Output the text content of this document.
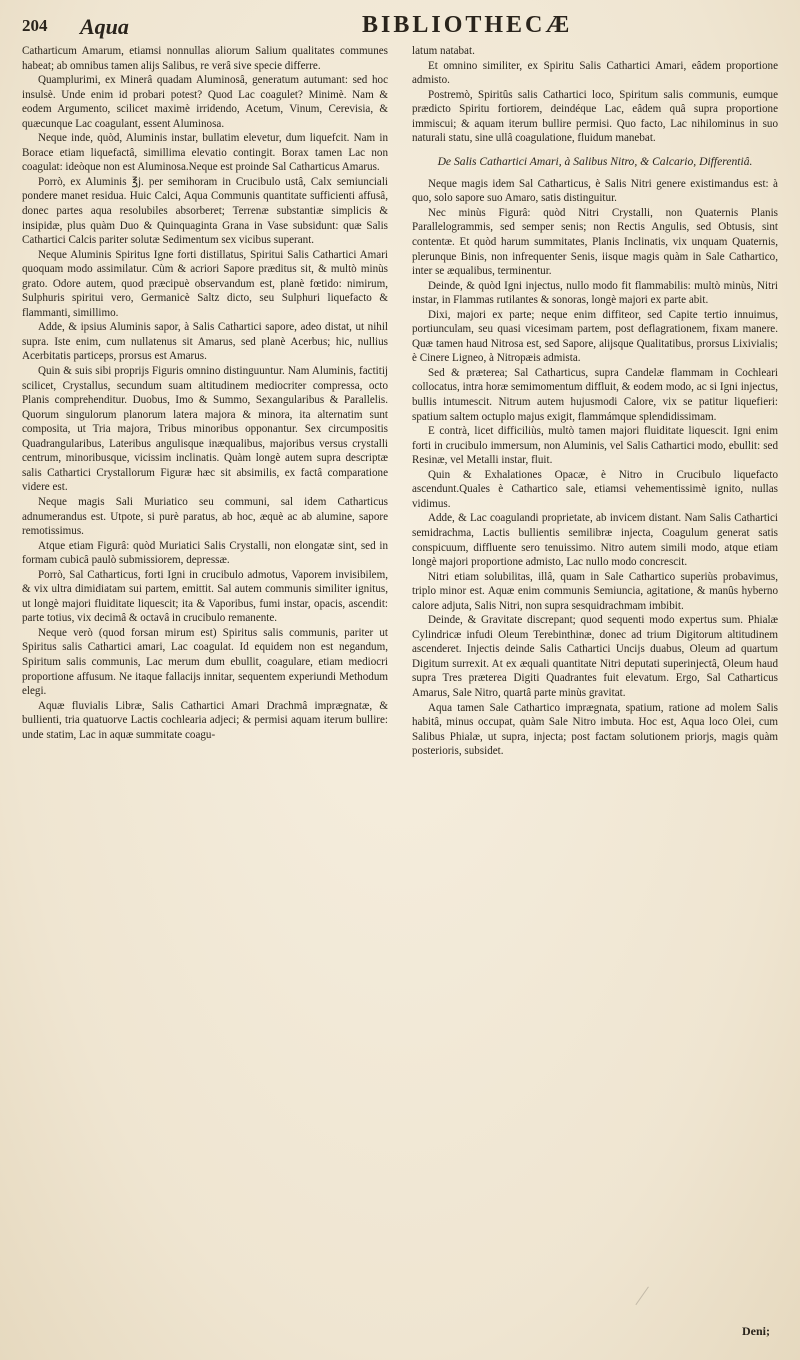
204 Aqua	BIBLIOTHECÆ

Catharticum Amarum, etiamsi nonnullas aliorum Salium qualitates communes habeat; ab omnibus tamen alijs Salibus, re verâ sive specie differre.

Quamplurimi, ex Minerâ quadam Aluminosâ, generatum autumant: sed hoc insulsè. Unde enim id probari potest? Quod Lac coagulet? Minimè. Nam & eodem Argumento, scilicet maximè irridendo, Acetum, Vinum, Cerevisia, & quæcunque Lac coagulant, essent Aluminosa.

Neque inde, quòd, Aluminis instar, bullatim elevetur, dum liquefcit. Nam in Borace etiam liquefactâ, simillima elevatio contingit. Borax tamen Lac non coagulat: ideòque non est Aluminosa.Neque est proinde Sal Catharticus Amarus.

Porrò, ex Aluminis ℥j. per semihoram in Crucibulo ustâ, Calx semiunciali pondere manet residua. Huic Calci, Aqua Communis quantitate sufficienti affusâ, donec partes aqua resolubiles absorberet; Terrenæ substantiæ simplicis & insipidæ, plus quàm Duo & Quinquaginta Grana in Vase subsidunt: quæ Salis Cathartici Calcis pariter solutæ Sedimentum sex vicibus superant.

Neque Aluminis Spiritus Igne forti distillatus, Spiritui Salis Cathartici Amari quoquam modo assimilatur. Cùm & acriori Sapore præditus sit, & multò minùs grato. Odore autem, quod præcipuè observandum est, planè fœtido: nimirum, Sulphuris spiritui vero, Germanicè Saltz dicto, seu Sulphuri liquefacto & flammanti, simillimo.

Adde, & ipsius Aluminis sapor, à Salis Cathartici sapore, adeo distat, ut nihil supra. Iste enim, cum nullatenus sit Amarus, sed planè Acerbus; hic, nullius Acerbitatis particeps, prorsus est Amarus.

Quin & suis sibi proprijs Figuris omnino distinguuntur. Nam Aluminis, factitij scilicet, Crystallus, secundum suam altitudinem mediocriter compressa, octo Planis comprehenditur. Duobus, Imo & Summo, Sexangularibus & Parallelis. Quorum singulorum planorum latera majora & minora, ita alternatim sunt composita, ut Tria majora, Tribus minoribus opponantur. Sex circumpositis Quadrangularibus, Lateribus angulisque inæqualibus, majoribus versus crystalli centrum, minoribusque, vicissim inclinatis. Quàm longè autem supra descriptæ salis Cathartici Crystallorum Figuræ hæc sit absimilis, ex factâ comparatione videre est.

Neque magis Sali Muriatico seu communi, sal idem Catharticus adnumerandus est. Utpote, si purè paratus, ab hoc, æquè ac ab alumine, sapore remotissimus.

Atque etiam Figurâ: quòd Muriatici Salis Crystalli, non elongatæ sint, sed in formam cubicâ paulò submissiorem, depressæ.

Porrò, Sal Catharticus, forti Igni in crucibulo admotus, Vaporem invisibilem, & vix ultra dimidiatam sui partem, emittit. Sal autem communis similiter ignitus, ut longè majori fluiditate liquescit; ita & Vaporibus, fumi instar, opacis, ascendit: parte totius, vix decimâ & octavâ in crucibulo remanente.

Neque verò (quod forsan mirum est) Spiritus salis communis, pariter ut Spiritus salis Cathartici amari, Lac coagulat. Id equidem non est negandum, Spiritum salis communis, Lac merum dum ebullit, coagulare, etiam mediocri proportione affusum. Ne itaque fallacijs innitar, sequentem experiundi Methodum elegi.

Aquæ fluvialis Libræ, Salis Cathartici Amari Drachmâ imprægnatæ, & bullienti, tria quatuorve Lactis cochlearia adjeci; & permisi aquam iterum bullire: unde statim, Lac in aquæ summitate coagu-

latum natabat.

Et omnino similiter, ex Spiritu Salis Cathartici Amari, eâdem proportione admisto.

Postremò, Spiritûs salis Cathartici loco, Spiritum salis communis, eumque prædicto Spiritu fortiorem, deindéque Lac, eâdem quâ supra proportione immiscui; & aquam iterum bullire permisi. Quo facto, Lac nihilominus in suo naturali statu, sine ullâ coagulatione, fluidum manebat.

De Salis Cathartici Amari, à Salibus Nitro, & Calcario, Differentiâ.

Neque magis idem Sal Catharticus, è Salis Nitri genere existimandus est: à quo, solo sapore suo Amaro, satis distinguitur.

Nec minùs Figurâ: quòd Nitri Crystalli, non Quaternis Planis Parallelogrammis, sed semper senis; non Rectis Angulis, sed Obtusis, sint contentæ. Et quòd harum summitates, Planis Inclinatis, vix unquam Quaternis, plerunque Binis, non infrequenter Senis, iisque magis quàm in Sale Cathartico, inter se æqualibus, terminentur.

Deinde, & quòd Igni injectus, nullo modo fit flammabilis: multò minùs, Nitri instar, in Flammas rutilantes & sonoras, longè majori ex parte abit.

Dixi, majori ex parte; neque enim diffiteor, sed Capite tertio innuimus, portiunculam, seu quasi vicesimam partem, post deflagrationem, fixam manere. Quæ tamen haud Nitrosa est, sed Sapore, alijsque Qualitatibus, prorsus Lixivialis; è Cinere Ligneo, à Nitropæis admista.

Sed & præterea; Sal Catharticus, supra Candelæ flammam in Cochleari collocatus, intra horæ semimomentum diffluit, & eodem modo, ac si Igni injectus, bullis intumescit. Nitrum autem hujusmodi Calore, vix se patitur liquefieri: spatium saltem octuplo majus exigit, flammámque splendidissimam.

E contrà, licet difficiliùs, multò tamen majori fluiditate liquescit. Igni enim forti in crucibulo immersum, non Aluminis, vel Salis Cathartici modo, ebullit: sed Resinæ, vel Metalli instar, fluit.

Quin & Exhalationes Opacæ, è Nitro in Crucibulo liquefacto ascendunt.Quales è Cathartico sale, etiamsi vehementissimè ignito, nullas vidimus.

Adde, & Lac coagulandi proprietate, ab invicem distant. Nam Salis Cathartici semidrachma, Lactis bullientis semilibræ injecta, Coagulum generat satis conspicuum, diffluente sero tenuissimo. Nitro autem simili modo, atque etiam longè majori proportione admisto, Lac nullo modo concrescit.

Nitri etiam solubilitas, illâ, quam in Sale Cathartico superiùs probavimus, triplo minor est. Aquæ enim communis Semiuncia, agitatione, & manûs hyberno calore adjuta, Salis Nitri, non supra sesquidrachmam imbibit.

Deinde, & Gravitate discrepant; quod sequenti modo expertus sum. Phialæ Cylindricæ infudi Oleum Terebinthinæ, donec ad trium Digitorum altitudinem ascenderet. Injectis deinde Salis Cathartici Uncijs duabus, Oleum ad quartum Digitum surrexit. At ex æquali quantitate Nitri deputati superinjectâ, Oleum haud supra Tres præterea Digiti Quadrantes fuit elevatum. Ergo, Sal Catharticus Amarus, Sale Nitro, quartâ parte minùs gravitat.

Aqua tamen Sale Cathartico imprægnata, spatium, ratione ad molem Salis habitâ, minus occupat, quàm Sale Nitro imbuta. Hoc est, Aqua loco Olei, cum Salibus Phialæ, ut supra, injecta; post factam solutionem priorjs, magis quàm posterioris, subsidet.

Deni;
